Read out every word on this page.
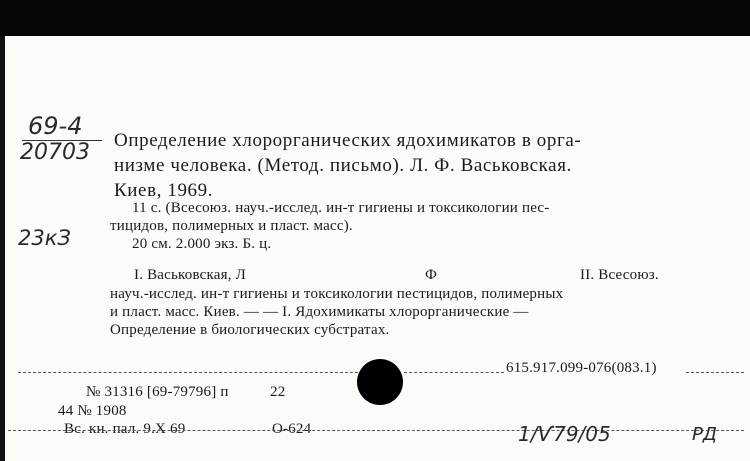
69-4
20703
23кЗ
Определение хлорорганических ядохимикатов в орга-
низме человека. (Метод. письмо). Л. Ф. Васьковская.
Киев, 1969.
11 с. (Всесоюз. науч.-исслед. ин-т гигиены и токсикологии пес-
тицидов, полимерных и пласт. масс).
20 см. 2.000 экз. Б. ц.
I. Васьковская, Л	Ф	II. Всесоюз.
науч.-исслед. ин-т гигиены и токсикологии пестицидов, полимерных
и пласт. масс. Киев. — — I. Ядохимикаты хлорорганические —
Определение в биологических субстратах.
615.917.099-076(083.1)
№ 31316 [69-79796] п	22
44 № 1908
Вс. кн. пал. 9.X 69	О-624	1/Ѵ79/05	РД
